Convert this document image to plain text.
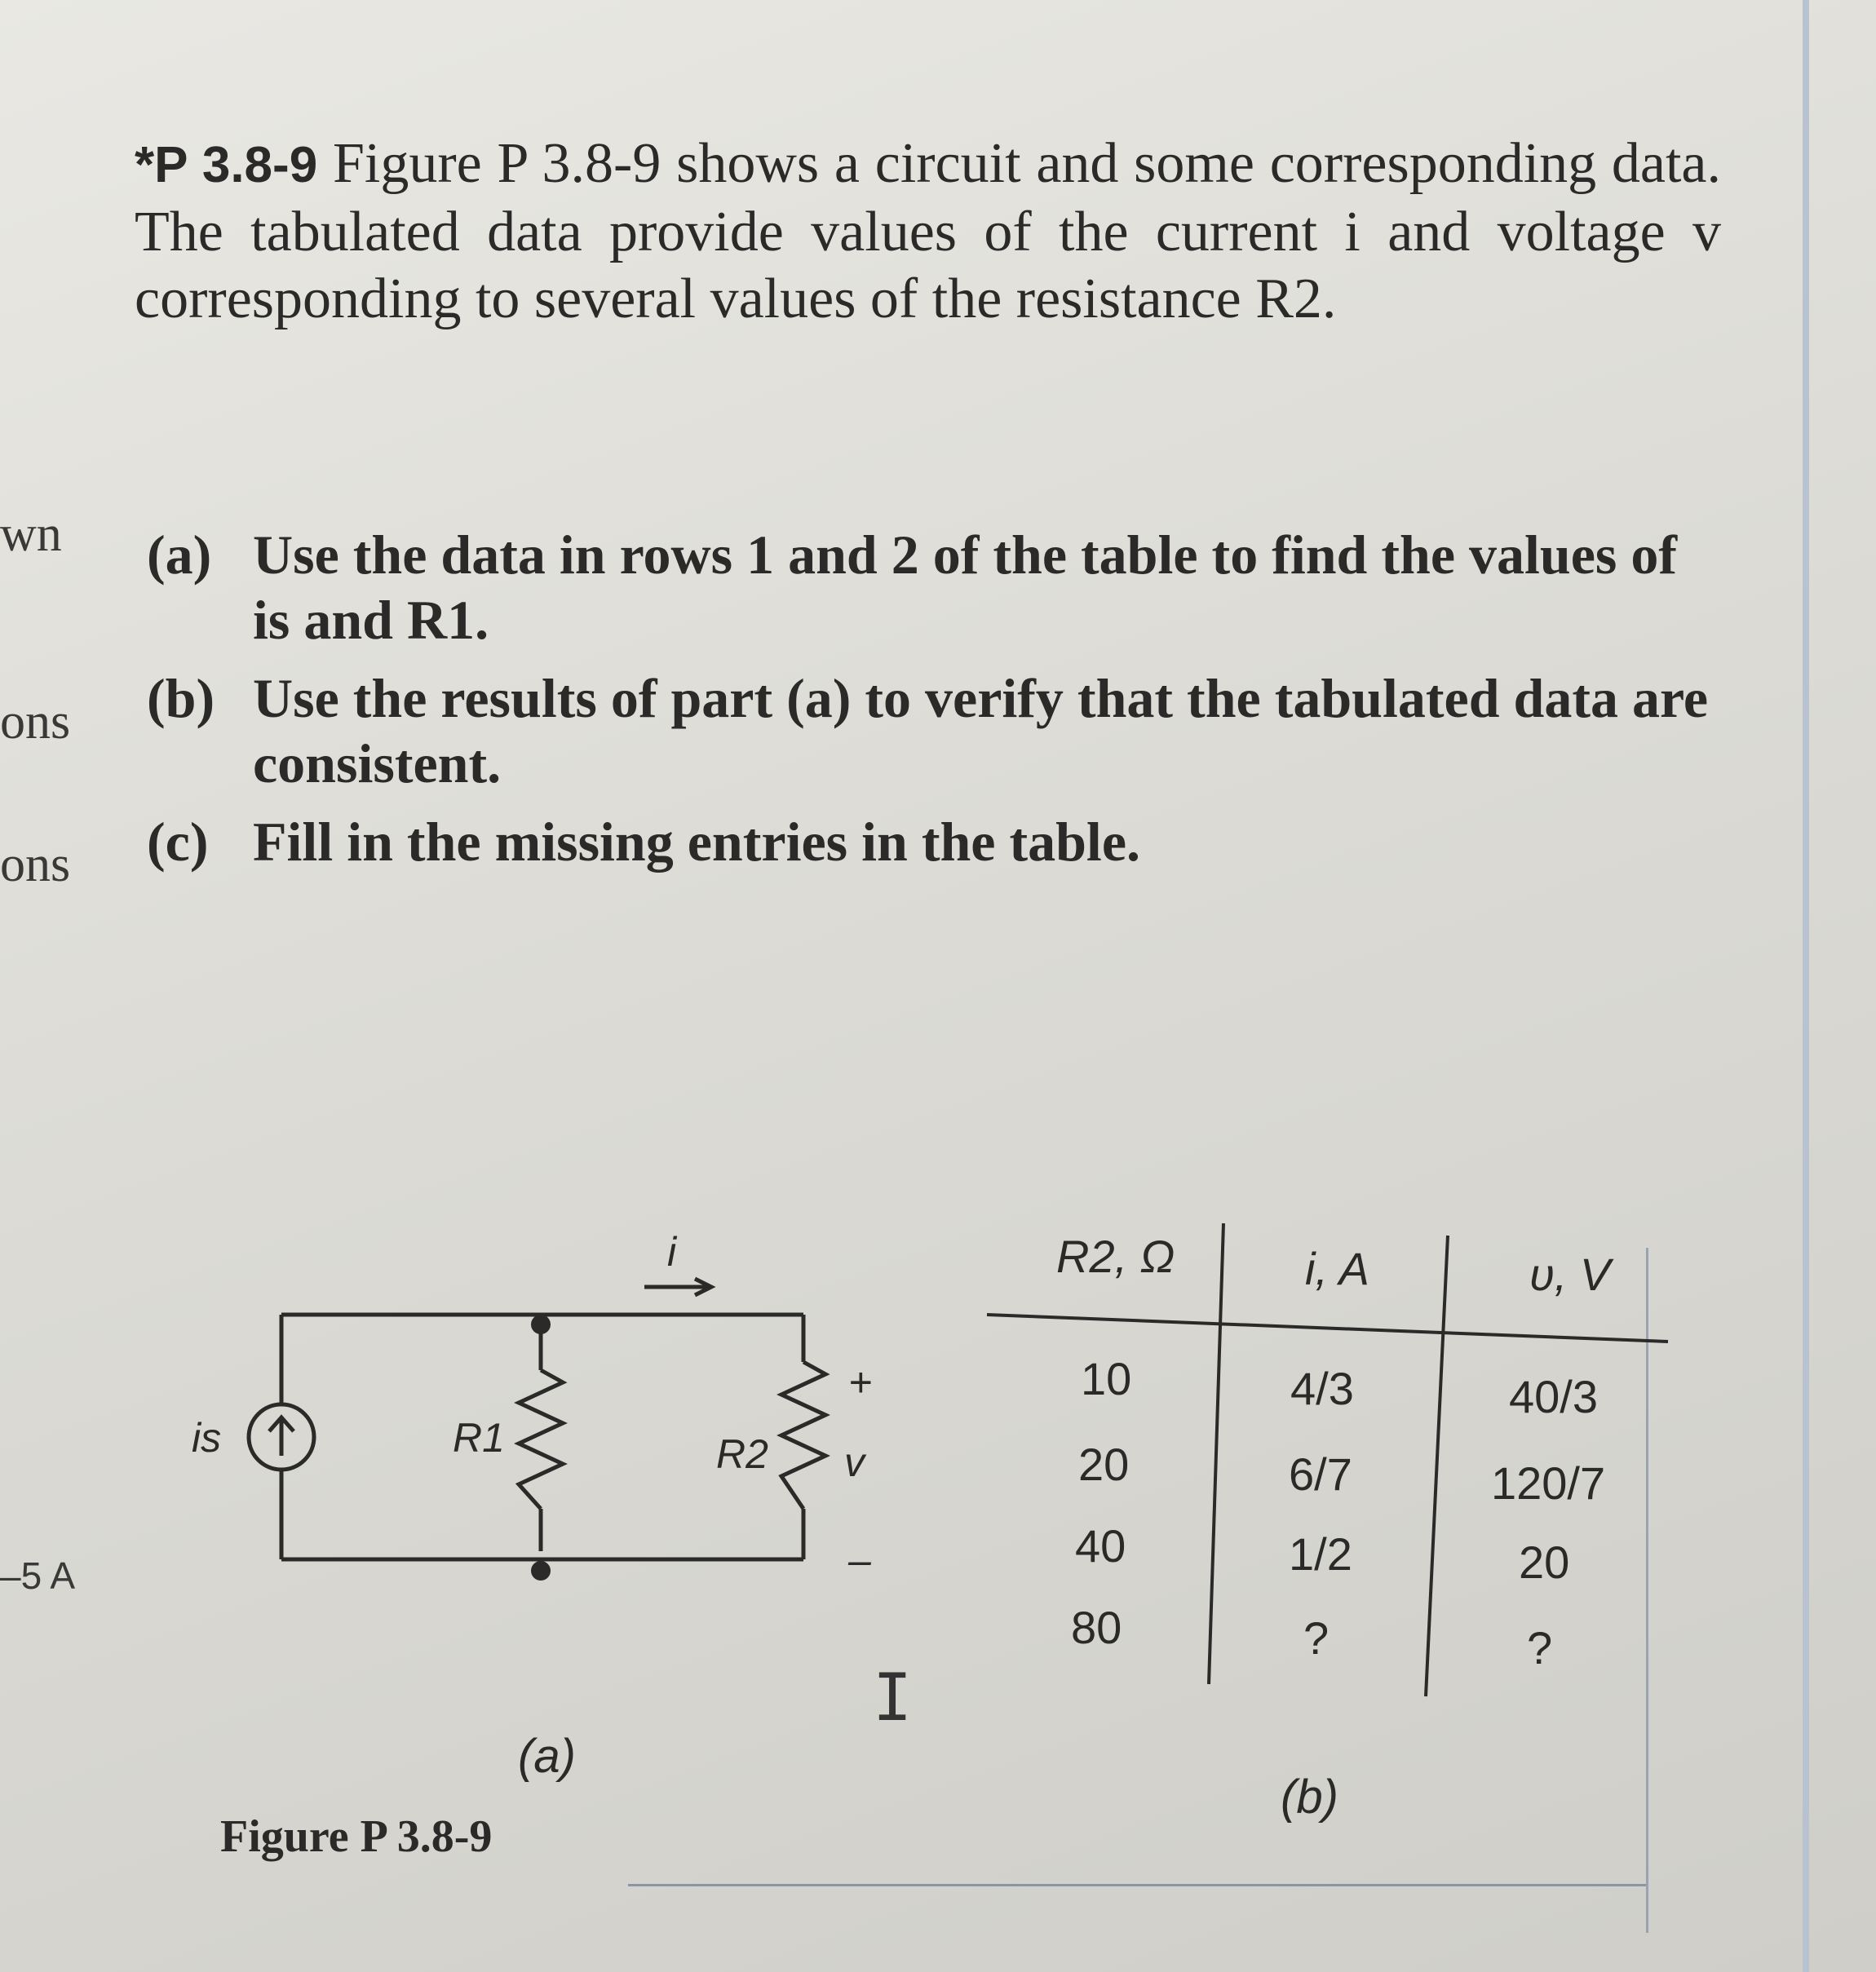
wn
ons
ons
–5 A
*P 3.8-9 Figure P 3.8-9 shows a circuit and some corresponding data. The tabulated data provide values of the current i and voltage v corresponding to several values of the resistance R2.
(a) Use the data in rows 1 and 2 of the table to find the values of is and R1.
(b) Use the results of part (a) to verify that the tabulated data are consistent.
(c) Fill in the missing entries in the table.
i
is	R1	R2 v
+
–
R2, Ω	i, A	υ, V
10	4/3	40/3
20	6/7	120/7
40	1/2	20
80	?	?
I
(a)
(b)
Figure P 3.8-9
